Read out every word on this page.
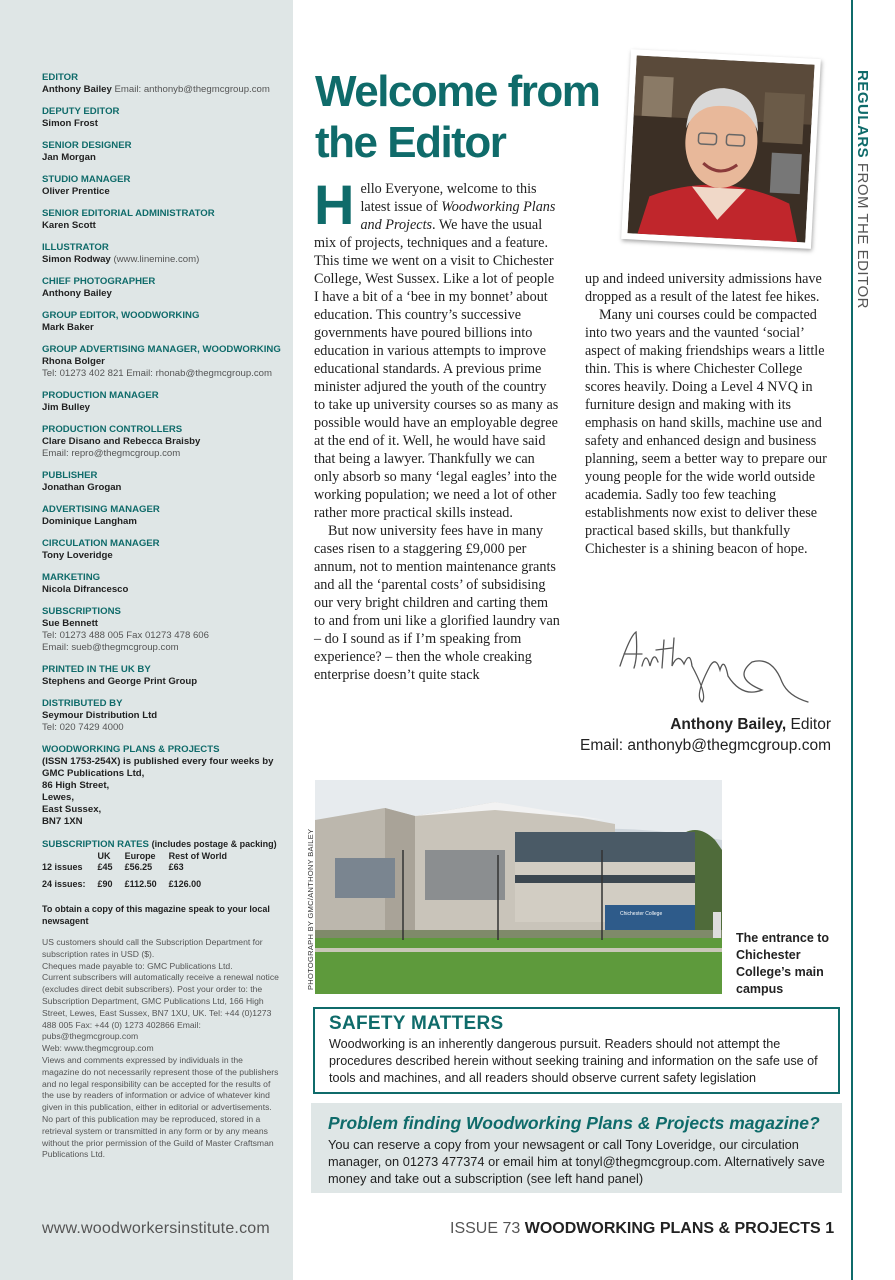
EDITOR
Anthony Bailey Email: anthonyb@thegmcgroup.com
DEPUTY EDITOR
Simon Frost
SENIOR DESIGNER
Jan Morgan
STUDIO MANAGER
Oliver Prentice
SENIOR EDITORIAL ADMINISTRATOR
Karen Scott
ILLUSTRATOR
Simon Rodway (www.linemine.com)
CHIEF PHOTOGRAPHER
Anthony Bailey
GROUP EDITOR, WOODWORKING
Mark Baker
GROUP ADVERTISING MANAGER, WOODWORKING
Rhona Bolger
Tel: 01273 402 821 Email: rhonab@thegmcgroup.com
PRODUCTION MANAGER
Jim Bulley
PRODUCTION CONTROLLERS
Clare Disano and Rebecca Braisby
Email: repro@thegmcgroup.com
PUBLISHER
Jonathan Grogan
ADVERTISING MANAGER
Dominique Langham
CIRCULATION MANAGER
Tony Loveridge
MARKETING
Nicola Difrancesco
SUBSCRIPTIONS
Sue Bennett
Tel: 01273 488 005 Fax 01273 478 606
Email: sueb@thegmcgroup.com
PRINTED IN THE UK BY
Stephens and George Print Group
DISTRIBUTED BY
Seymour Distribution Ltd
Tel: 020 7429 4000
WOODWORKING PLANS & PROJECTS
(ISSN 1753-254X) is published every four weeks by
GMC Publications Ltd,
86 High Street,
Lewes,
East Sussex,
BN7 1XN
SUBSCRIPTION RATES (includes postage & packing)
	UK	Europe	Rest of World
12 issues	£45	£56.25	£63
24 issues:	£90	£112.50	£126.00
To obtain a copy of this magazine speak to your local newsagent
US customers should call the Subscription Department for subscription rates in USD ($).
Cheques made payable to: GMC Publications Ltd.
Current subscribers will automatically receive a renewal notice (excludes direct debit subscribers). Post your order to: the Subscription Department, GMC Publications Ltd, 166 High Street, Lewes, East Sussex, BN7 1XU, UK. Tel: +44 (0)1273 488 005 Fax: +44 (0) 1273 402866 Email: pubs@thegmcgroup.com
Web: www.thegmcgroup.com
Views and comments expressed by individuals in the magazine do not necessarily represent those of the publishers and no legal responsibility can be accepted for the results of the use by readers of information or advice of whatever kind given in this publication, either in editorial or advertisements. No part of this publication may be reproduced, stored in a retrieval system or transmitted in any form or by any means without the prior permission of the Guild of Master Craftsman Publications Ltd.
www.woodworkersinstitute.com
REGULARS FROM THE EDITOR
Welcome from the Editor

H ello Everyone, welcome to this latest issue of Woodworking Plans and Projects. We have the usual mix of projects, techniques and a feature. This time we went on a visit to Chichester College, West Sussex. Like a lot of people I have a bit of a ‘bee in my bonnet’ about education. This country’s successive governments have poured billions into education in various attempts to improve educational standards. A previous prime minister adjured the youth of the country to take up university courses so as many as possible would have an employable degree at the end of it. Well, he would have said that being a lawyer. Thankfully we can only absorb so many ‘legal eagles’ into the working population; we need a lot of other rather more practical skills instead.

But now university fees have in many cases risen to a staggering £9,000 per annum, not to mention maintenance grants and all the ‘parental costs’ of subsidising our very bright children and carting them to and from uni like a glorified laundry van – do I sound as if I’m speaking from experience? – then the whole creaking enterprise doesn’t quite stack

up and indeed university admissions have dropped as a result of the latest fee hikes.

Many uni courses could be compacted into two years and the vaunted ‘social’ aspect of making friendships wears a little thin. This is where Chichester College scores heavily. Doing a Level 4 NVQ in furniture design and making with its emphasis on hand skills, machine use and safety and enhanced design and business planning, seem a better way to prepare our young people for the wide world outside academia. Sadly too few teaching establishments now exist to deliver these practical based skills, but thankfully Chichester is a shining beacon of hope.

Anthony Bailey, Editor
Email: anthonyb@thegmcgroup.com
Chichester College
PHOTOGRAPH BY GMC/ANTHONY BAILEY	The entrance to Chichester College’s main campus
SAFETY MATTERS
Woodworking is an inherently dangerous pursuit. Readers should not attempt the procedures described herein without seeking training and information on the safe use of tools and machines, and all readers should observe current safety legislation
Problem finding Woodworking Plans & Projects magazine?
You can reserve a copy from your newsagent or call Tony Loveridge, our circulation manager, on 01273 477374 or email him at tonyl@thegmcgroup.com. Alternatively save money and take out a subscription (see left hand panel)
ISSUE 73 WOODWORKING PLANS & PROJECTS 1
